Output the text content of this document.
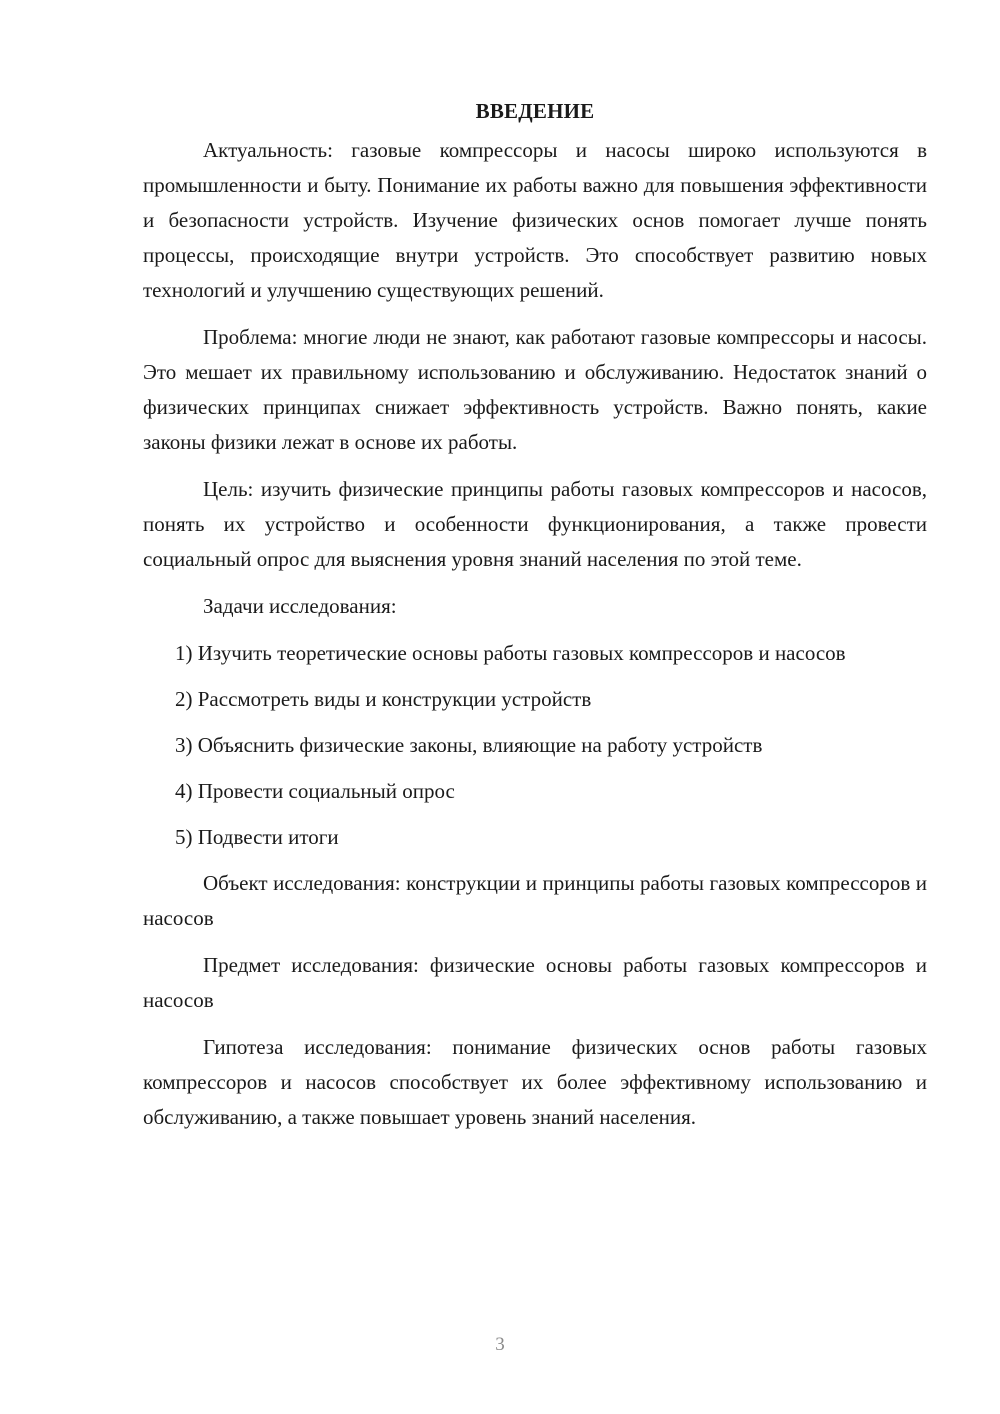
ВВЕДЕНИЕ

Актуальность: газовые компрессоры и насосы широко используются в промышленности и быту. Понимание их работы важно для повышения эффективности и безопасности устройств. Изучение физических основ помогает лучше понять процессы, происходящие внутри устройств. Это способствует развитию новых технологий и улучшению существующих решений.

Проблема: многие люди не знают, как работают газовые компрессоры и насосы. Это мешает их правильному использованию и обслуживанию. Недостаток знаний о физических принципах снижает эффективность устройств. Важно понять, какие законы физики лежат в основе их работы.

Цель: изучить физические принципы работы газовых компрессоров и насосов, понять их устройство и особенности функционирования, а также провести социальный опрос для выяснения уровня знаний населения по этой теме.

Задачи исследования:

1) Изучить теоретические основы работы газовых компрессоров и насосов

2) Рассмотреть виды и конструкции устройств

3) Объяснить физические законы, влияющие на работу устройств

4) Провести социальный опрос

5) Подвести итоги

Объект исследования: конструкции и принципы работы газовых компрессоров и насосов

Предмет исследования: физические основы работы газовых компрессоров и насосов

Гипотеза исследования: понимание физических основ работы газовых компрессоров и насосов способствует их более эффективному использованию и обслуживанию, а также повышает уровень знаний населения.

3
